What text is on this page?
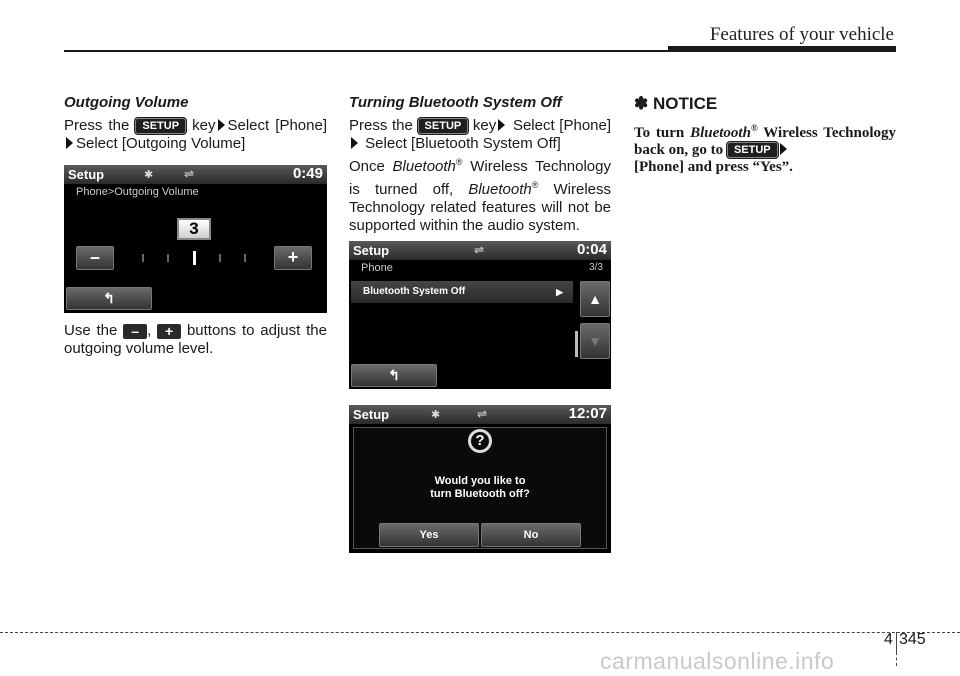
Features of your vehicle
Outgoing Volume
Press the SETUP key Select [Phone]Select [Outgoing Volume]
Setup	✱	⇌	0:49
Phone>Outgoing Volume
3
–	+
↰
Use the – , + buttons to adjust the outgoing volume level.
Turning Bluetooth System Off
Press the SETUP key Select [Phone] Select [Bluetooth System Off]
Once Bluetooth® Wireless Technology is turned off, Bluetooth® Wireless Technology related features will not be supported within the audio system.
Setup	⇌	0:04
Phone	3/3
Bluetooth System Off	▶	▲
▼
↰
Setup	✱	⇌	12:07
?
Would you like to
turn Bluetooth off?
Yes	No
✽ NOTICE
To turn Bluetooth® Wireless Technology back on, go to SETUP
[Phone] and press “Yes”.
4 345
carmanualsonline.info
